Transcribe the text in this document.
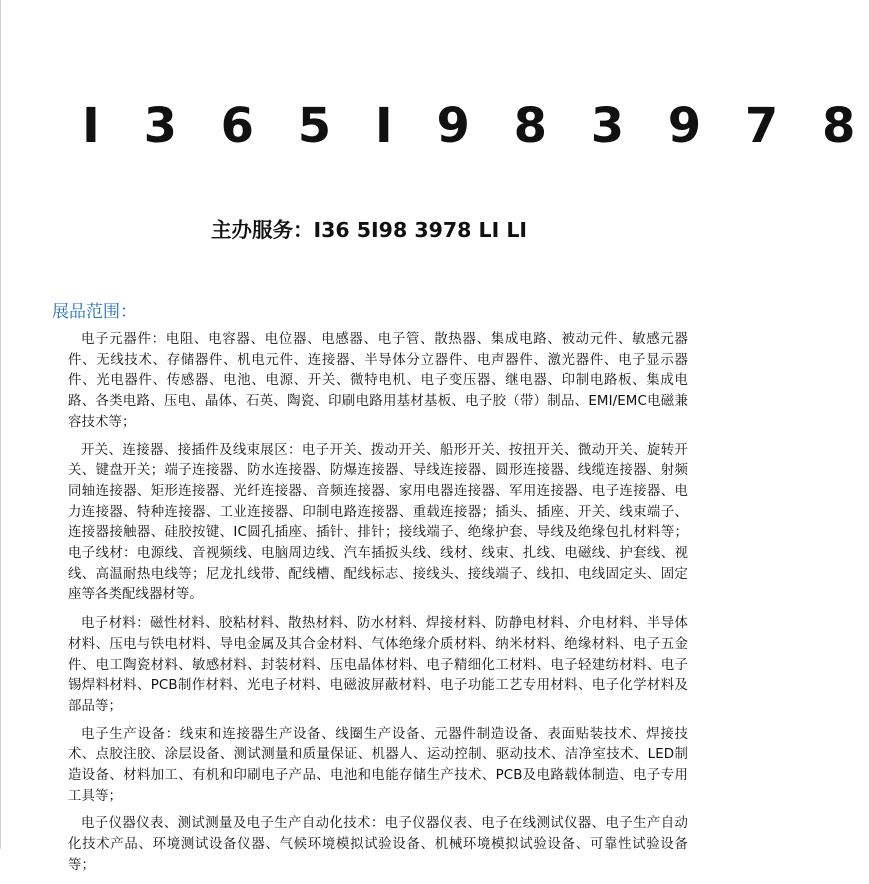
I 3 6 5 I 9 8 3 9 7 8
主办服务：I36 5I98 3978 LI LI
展品范围：

电子元器件：电阻、电容器、电位器、电感器、电子管、散热器、集成电路、被动元件、敏感元器件、无线技术、存储器件、机电元件、连接器、半导体分立器件、电声器件、激光器件、电子显示器件、光电器件、传感器、电池、电源、开关、微特电机、电子变压器、继电器、印制电路板、集成电路、各类电路、压电、晶体、石英、陶瓷、印刷电路用基材基板、电子胶（带）制品、EMI/EMC电磁兼容技术等；

开关、连接器、接插件及线束展区：电子开关、拨动开关、船形开关、按扭开关、微动开关、旋转开关、键盘开关；端子连接器、防水连接器、防爆连接器、导线连接器、圆形连接器、线缆连接器、射频同轴连接器、矩形连接器、光纤连接器、音频连接器、家用电器连接器、军用连接器、电子连接器、电力连接器、特种连接器、工业连接器、印制电路连接器、重载连接器；插头、插座、开关、线束端子、连接器接触器、硅胶按键、IC圆孔插座、插针、排针；接线端子、绝缘护套、导线及绝缘包扎材料等；电子线材：电源线、音视频线、电脑周边线、汽车插扳头线、线材、线束、扎线、电磁线、护套线、视线、高温耐热电线等；尼龙扎线带、配线槽、配线标志、接线头、接线端子、线扣、电线固定头、固定座等各类配线器材等。

电子材料：磁性材料、胶粘材料、散热材料、防水材料、焊接材料、防静电材料、介电材料、半导体材料、压电与铁电材料、导电金属及其合金材料、气体绝缘介质材料、纳米材料、绝缘材料、电子五金件、电工陶瓷材料、敏感材料、封装材料、压电晶体材料、电子精细化工材料、电子轻建纺材料、电子锡焊料材料、PCB制作材料、光电子材料、电磁波屏蔽材料、电子功能工艺专用材料、电子化学材料及部品等；

电子生产设备：线束和连接器生产设备、线圈生产设备、元器件制造设备、表面贴装技术、焊接技术、点胶注胶、涂层设备、测试测量和质量保证、机器人、运动控制、驱动技术、洁净室技术、LED制造设备、材料加工、有机和印刷电子产品、电池和电能存储生产技术、PCB及电路载体制造、电子专用工具等；

电子仪器仪表、测试测量及电子生产自动化技术：电子仪器仪表、电子在线测试仪器、电子生产自动化技术产品、环境测试设备仪器、气候环境模拟试验设备、机械环境模拟试验设备、可靠性试验设备等；
